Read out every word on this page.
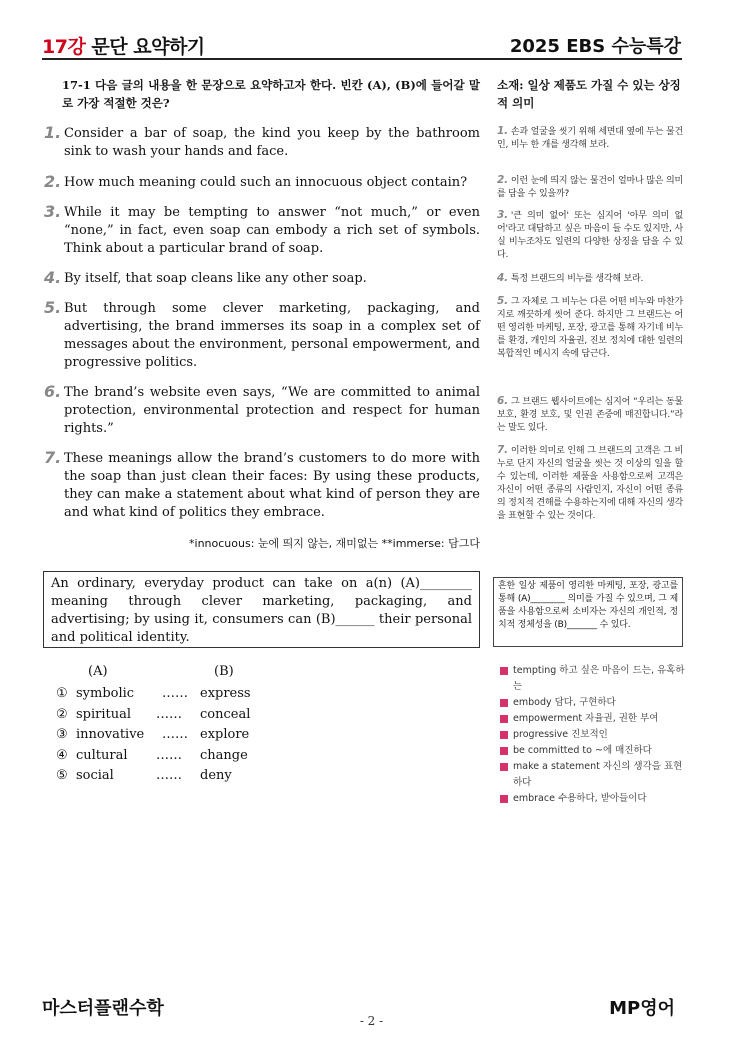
17강 문단 요약하기	2025 EBS 수능특강
17-1 다음 글의 내용을 한 문장으로 요약하고자 한다. 빈칸 (A), (B)에 들어갈 말로 가장 적절한 것은?
소재: 일상 제품도 가질 수 있는 상징적 의미
1. Consider a bar of soap, the kind you keep by the bathroom sink to wash your hands and face.
2. How much meaning could such an innocuous object contain?
3. While it may be tempting to answer “not much,” or even “none,” in fact, even soap can embody a rich set of symbols. Think about a particular brand of soap.
4. By itself, that soap cleans like any other soap.
5. But through some clever marketing, packaging, and advertising, the brand immerses its soap in a complex set of messages about the environment, personal empowerment, and progressive politics.
6. The brand’s website even says, “We are committed to animal protection, environmental protection and respect for human rights.”
7. These meanings allow the brand’s customers to do more with the soap than just clean their faces: By using these products, they can make a statement about what kind of person they are and what kind of politics they embrace.
1. 손과 얼굴을 씻기 위해 세면대 옆에 두는 물건인, 비누 한 개를 생각해 보라.
2. 이런 눈에 띄지 않는 물건이 얼마나 많은 의미를 담을 수 있을까?
3. '큰 의미 없어' 또는 심지어 '아무 의미 없어'라고 대답하고 싶은 마음이 들 수도 있지만, 사실 비누조차도 일련의 다양한 상징을 담을 수 있다.
4. 특정 브랜드의 비누를 생각해 보라.
5. 그 자체로 그 비누는 다른 어떤 비누와 마찬가지로 깨끗하게 씻어 준다. 하지만 그 브랜드는 어떤 영리한 마케팅, 포장, 광고를 통해 자기네 비누를 환경, 개인의 자율권, 진보 정치에 대한 일련의 복합적인 메시지 속에 담근다.
6. 그 브랜드 웹사이트에는 심지어 “우리는 동물 보호, 환경 보호, 및 인권 존중에 매진합니다.”라는 말도 있다.
7. 이러한 의미로 인해 그 브랜드의 고객은 그 비누로 단지 자신의 얼굴을 씻는 것 이상의 일을 할 수 있는데, 이러한 제품을 사용함으로써 고객은 자신이 어떤 종류의 사람인지, 자신이 어떤 종류의 정치적 견해를 수용하는지에 대해 자신의 생각을 표현할 수 있는 것이다.
*innocuous: 눈에 띄지 않는, 재미없는 **immerse: 담그다
An ordinary, everyday product can take on a(n) (A)________ meaning through clever marketing, packaging, and advertising; by using it, consumers can (B)______ their personal and political identity.
흔한 일상 제품이 영리한 마케팅, 포장, 광고를 통해 (A)________ 의미를 가질 수 있으며, 그 제품을 사용함으로써 소비자는 자신의 개인적, 정치적 정체성을 (B)_______ 수 있다.
(A)	(B)
① symbolic …… express
② spiritual …… conceal
③ innovative …… explore
④ cultural …… change
⑤ social	…… deny
tempting 하고 싶은 마음이 드는, 유혹하는
embody 담다, 구현하다
empowerment 자율권, 권한 부여
progressive 진보적인
be committed to ~에 매진하다
make a statement 자신의 생각을 표현하다
embrace 수용하다, 받아들이다
마스터플랜수학	MP영어
- 2 -
